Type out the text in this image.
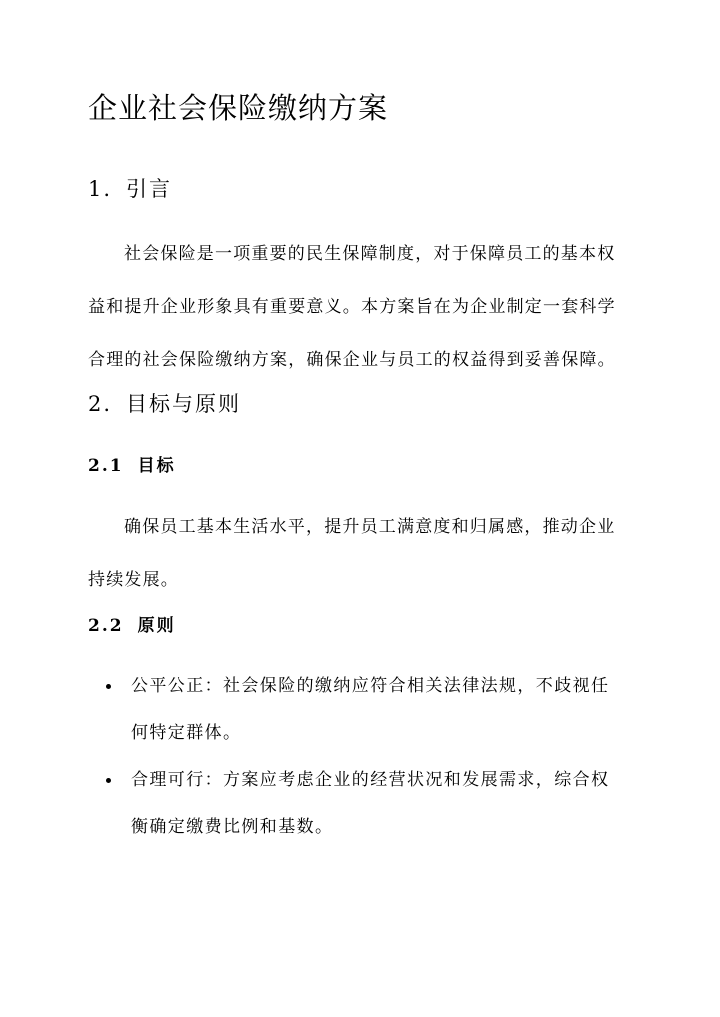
企业社会保险缴纳方案
1. 引言

社会保险是一项重要的民生保障制度，对于保障员工的基本权
益和提升企业形象具有重要意义。本方案旨在为企业制定一套科学
合理的社会保险缴纳方案，确保企业与员工的权益得到妥善保障。

2. 目标与原则
2.1 目标

确保员工基本生活水平，提升员工满意度和归属感，推动企业
持续发展。

2.2 原则
公平公正：社会保险的缴纳应符合相关法律法规，不歧视任
何特定群体。
合理可行：方案应考虑企业的经营状况和发展需求，综合权
衡确定缴费比例和基数。
